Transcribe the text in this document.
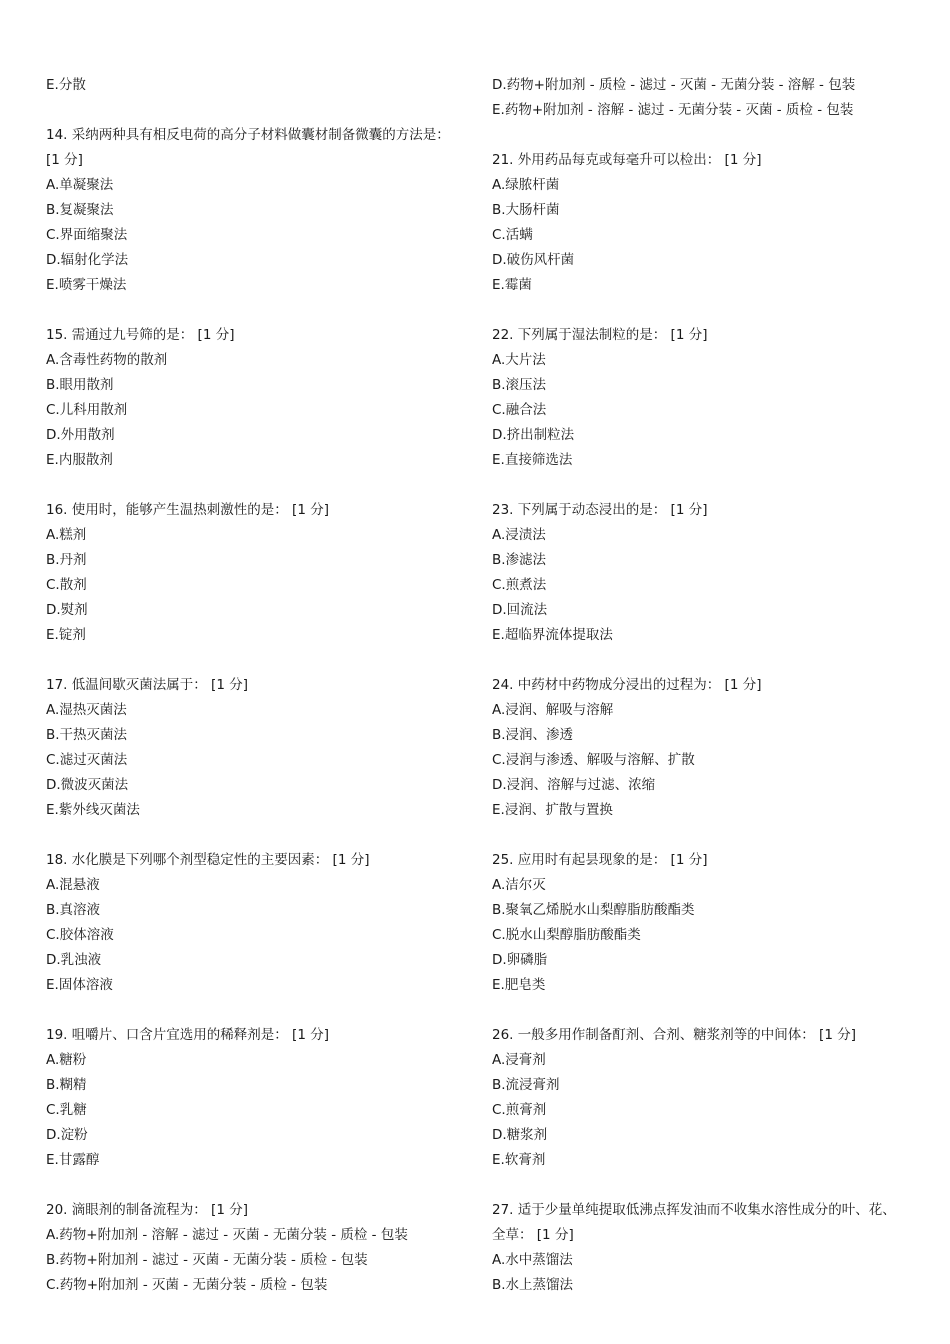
E.分散
14. 采纳两种具有相反电荷的高分子材料做囊材制备微囊的方法是：
[1 分]
A.单凝聚法
B.复凝聚法
C.界面缩聚法
D.辐射化学法
E.喷雾干燥法
15. 需通过九号筛的是： [1 分]
A.含毒性药物的散剂
B.眼用散剂
C.儿科用散剂
D.外用散剂
E.内服散剂
16. 使用时，能够产生温热刺激性的是： [1 分]
A.糕剂
B.丹剂
C.散剂
D.熨剂
E.锭剂
17. 低温间歇灭菌法属于： [1 分]
A.湿热灭菌法
B.干热灭菌法
C.滤过灭菌法
D.微波灭菌法
E.紫外线灭菌法
18. 水化膜是下列哪个剂型稳定性的主要因素： [1 分]
A.混悬液
B.真溶液
C.胶体溶液
D.乳浊液
E.固体溶液
19. 咀嚼片、口含片宜选用的稀释剂是： [1 分]
A.糖粉
B.糊精
C.乳糖
D.淀粉
E.甘露醇
20. 滴眼剂的制备流程为： [1 分]
A.药物+附加剂 - 溶解 - 滤过 - 灭菌 - 无菌分装 - 质检 - 包装
B.药物+附加剂 - 滤过 - 灭菌 - 无菌分装 - 质检 - 包装
C.药物+附加剂 - 灭菌 - 无菌分装 - 质检 - 包装
D.药物+附加剂 - 质检 - 滤过 - 灭菌 - 无菌分装 - 溶解 - 包装
E.药物+附加剂 - 溶解 - 滤过 - 无菌分装 - 灭菌 - 质检 - 包装
21. 外用药品每克或每毫升可以检出： [1 分]
A.绿脓杆菌
B.大肠杆菌
C.活螨
D.破伤风杆菌
E.霉菌
22. 下列属于湿法制粒的是： [1 分]
A.大片法
B.滚压法
C.融合法
D.挤出制粒法
E.直接筛选法
23. 下列属于动态浸出的是： [1 分]
A.浸渍法
B.渗滤法
C.煎煮法
D.回流法
E.超临界流体提取法
24. 中药材中药物成分浸出的过程为： [1 分]
A.浸润、解吸与溶解
B.浸润、渗透
C.浸润与渗透、解吸与溶解、扩散
D.浸润、溶解与过滤、浓缩
E.浸润、扩散与置换
25. 应用时有起昙现象的是： [1 分]
A.洁尔灭
B.聚氧乙烯脱水山梨醇脂肪酸酯类
C.脱水山梨醇脂肪酸酯类
D.卵磷脂
E.肥皂类
26. 一般多用作制备酊剂、合剂、糖浆剂等的中间体： [1 分]
A.浸膏剂
B.流浸膏剂
C.煎膏剂
D.糖浆剂
E.软膏剂
27. 适于少量单纯提取低沸点挥发油而不收集水溶性成分的叶、花、
全草： [1 分]
A.水中蒸馏法
B.水上蒸馏法
